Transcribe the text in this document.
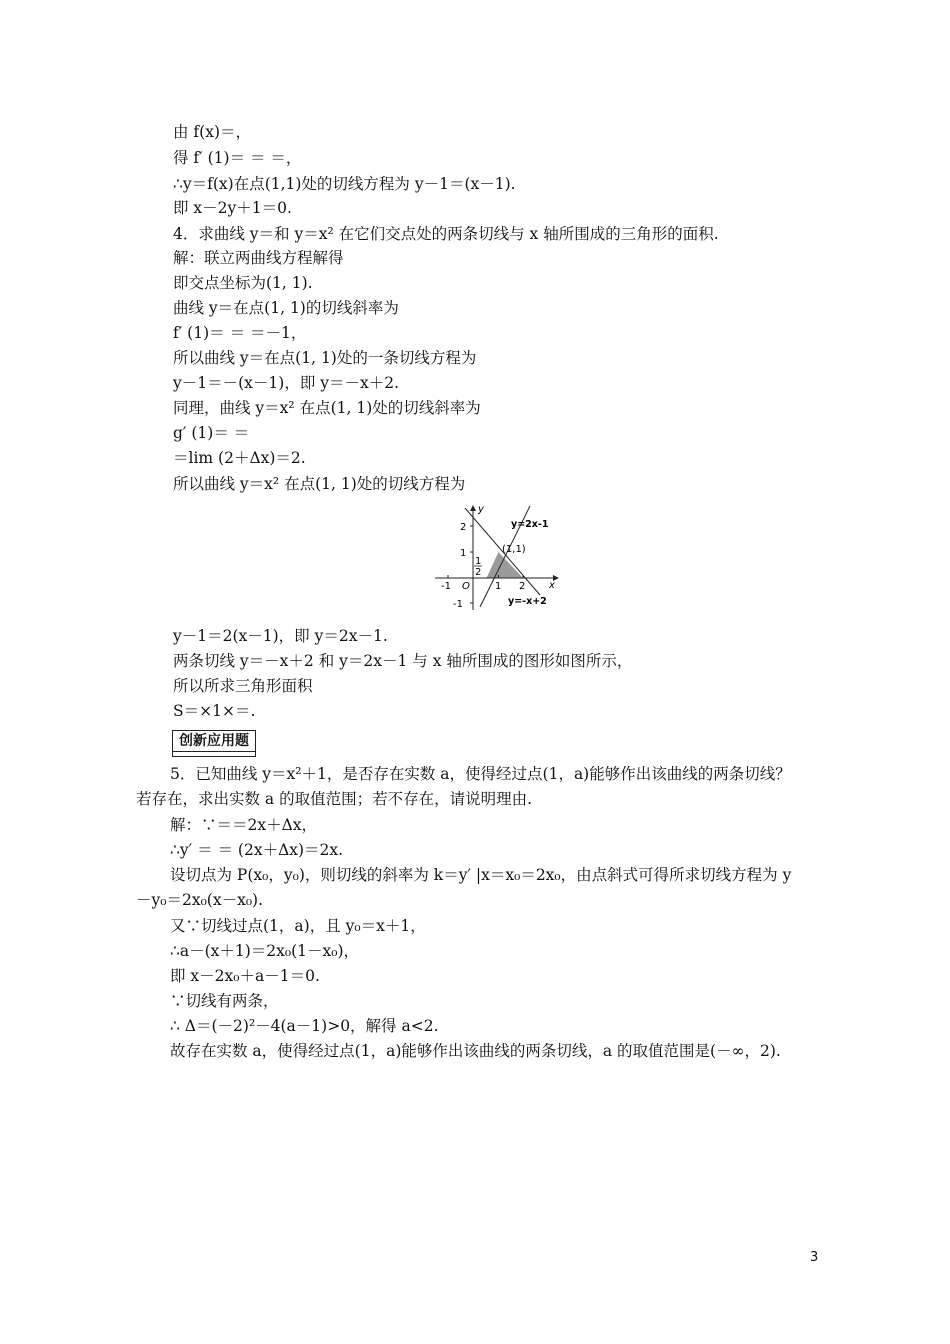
由 f(x)＝，
得 f′ (1)＝ ＝ ＝，
∴y＝f(x)在点(1,1)处的切线方程为 y－1＝(x－1).
即 x－2y＋1＝0.
4．求曲线 y＝和 y＝x² 在它们交点处的两条切线与 x 轴所围成的三角形的面积.
解：联立两曲线方程解得
即交点坐标为(1, 1).
曲线 y＝在点(1, 1)的切线斜率为
f′ (1)＝ ＝ ＝－1，
所以曲线 y＝在点(1, 1)处的一条切线方程为
y－1＝－(x－1)，即 y＝－x＋2.
同理，曲线 y＝x² 在点(1, 1)处的切线斜率为
g′ (1)＝ ＝
＝lim (2＋Δx)＝2.
所以曲线 y＝x² 在点(1, 1)处的切线方程为
y
x
O
-1	1 2
2
1
-1
1
2
(1,1)
y=2x-1
y=-x+2
y－1＝2(x－1)，即 y＝2x－1.
两条切线 y＝－x＋2 和 y＝2x－1 与 x 轴所围成的图形如图所示，
所以所求三角形面积
S＝×1×＝.
创新应用题
5．已知曲线 y＝x²＋1，是否存在实数 a，使得经过点(1，a)能够作出该曲线的两条切线？
若存在，求出实数 a 的取值范围；若不存在，请说明理由.
解：∵＝＝2x＋Δx，
∴y′ ＝ ＝ (2x＋Δx)＝2x.
设切点为 P(x₀，y₀)，则切线的斜率为 k＝y′ |x＝x₀＝2x₀，由点斜式可得所求切线方程为 y
－y₀＝2x₀(x－x₀).
又∵切线过点(1，a)，且 y₀＝x＋1，
∴a－(x＋1)＝2x₀(1－x₀)，
即 x－2x₀＋a－1＝0.
∵切线有两条，
∴ Δ＝(－2)²－4(a－1)>0，解得 a<2.
故存在实数 a，使得经过点(1，a)能够作出该曲线的两条切线，a 的取值范围是(－∞，2).
3
